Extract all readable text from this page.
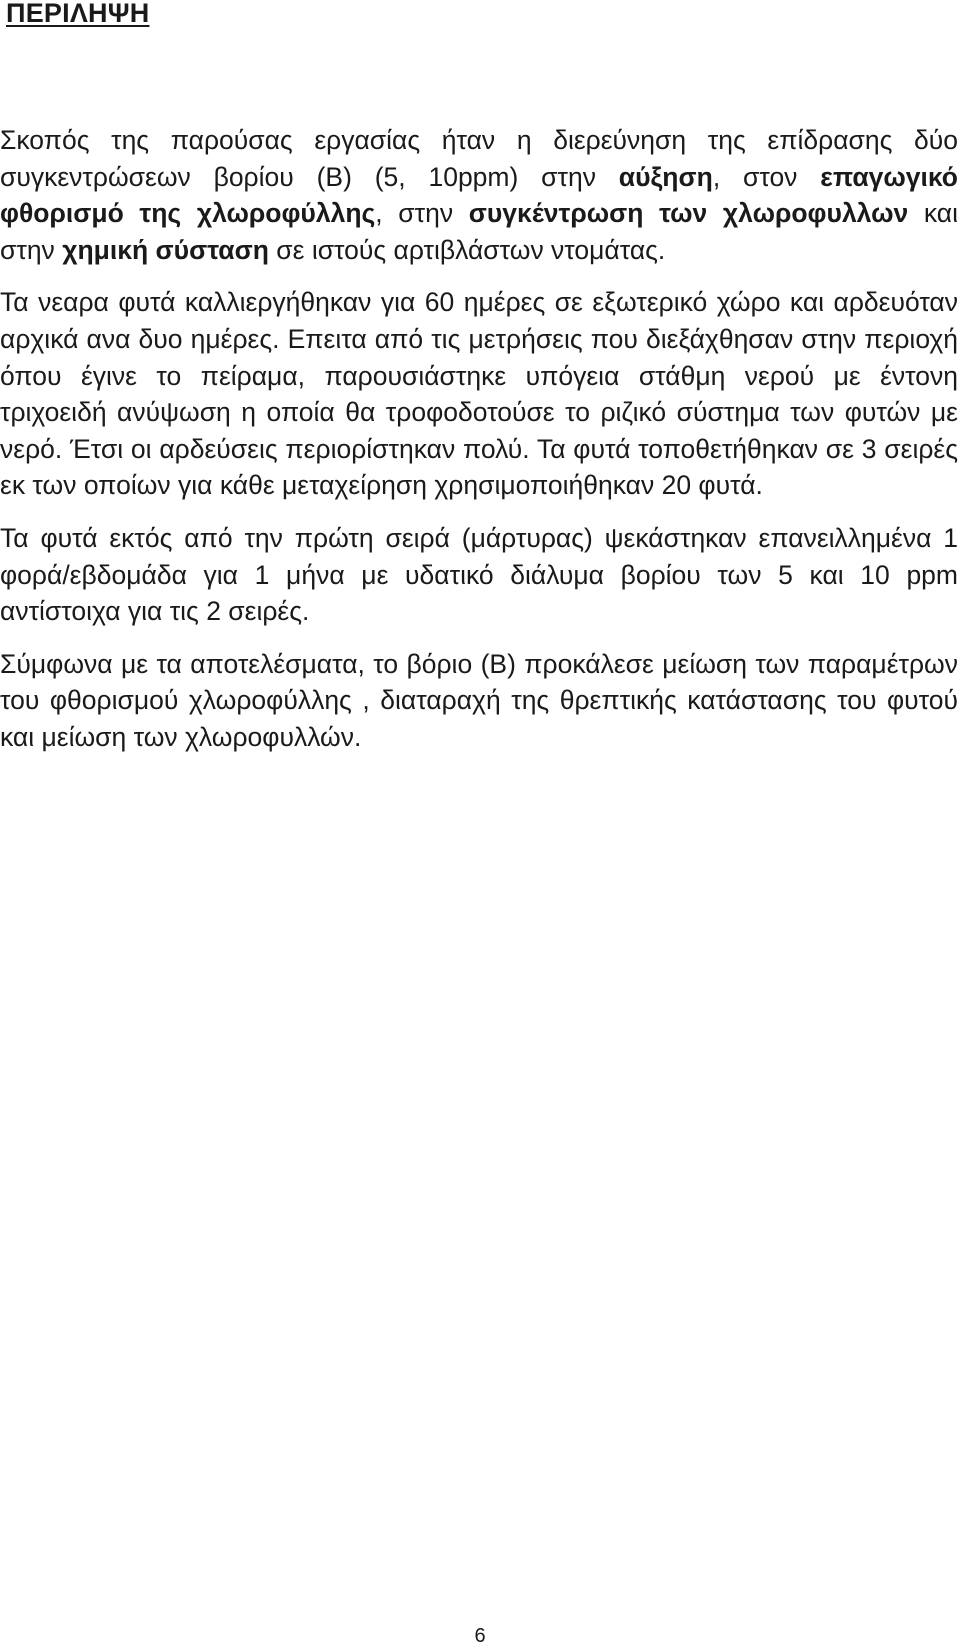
ΠΕΡΙΛΗΨΗ

Σκοπός της παρούσας εργασίας ήταν η διερεύνηση της επίδρασης δύο συγκεντρώσεων βορίου (Β) (5, 10ppm) στην αύξηση, στον επαγωγικό φθορισμό της χλωροφύλλης, στην συγκέντρωση των χλωροφυλλων και στην χημική σύσταση σε ιστούς αρτιβλάστων ντομάτας.

Τα νεαρα φυτά καλλιεργήθηκαν για 60 ημέρες σε εξωτερικό χώρο και αρδευόταν αρχικά ανα δυο ημέρες. Επειτα από τις μετρήσεις που διεξάχθησαν στην περιοχή όπου έγινε το πείραμα, παρουσιάστηκε υπόγεια στάθμη νερού με έντονη τριχοειδή ανύψωση η οποία θα τροφοδοτούσε το ριζικό σύστημα των φυτών με νερό. Έτσι οι αρδεύσεις περιορίστηκαν πολύ. Τα φυτά τοποθετήθηκαν σε 3 σειρές εκ των οποίων για κάθε μεταχείρηση χρησιμοποιήθηκαν 20 φυτά.

Τα φυτά εκτός από την πρώτη σειρά (μάρτυρας) ψεκάστηκαν επανειλλημένα 1 φορά/εβδομάδα για 1 μήνα με υδατικό διάλυμα βορίου των 5 και 10 ppm αντίστοιχα για τις 2 σειρές.

Σύμφωνα με τα αποτελέσματα, το βόριο (Β) προκάλεσε μείωση των παραμέτρων του φθορισμού χλωροφύλλης , διαταραχή της θρεπτικής κατάστασης του φυτού και μείωση των χλωροφυλλών.

6
